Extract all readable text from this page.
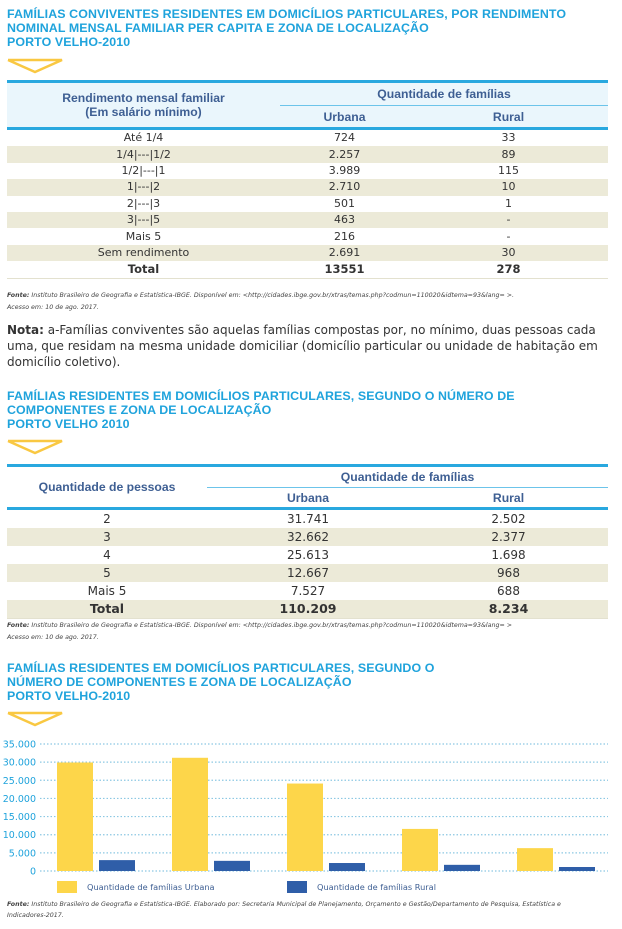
FAMÍLIAS CONVIVENTES RESIDENTES EM DOMICÍLIOS PARTICULARES, POR RENDIMENTO
NOMINAL MENSAL FAMILIAR PER CAPITA E ZONA DE LOCALIZAÇÃO
PORTO VELHO-2010
Rendimento mensal familiar
(Em salário mínimo)	Quantidade de famílias	
	Urbana	Rural
Até 1/4	724	33
1/4|---|1/2	2.257	89
1/2|---|1	3.989	115
1|---|2	2.710	10
2|---|3	501	1
3|---|5	463	-
Mais 5	216	-
Sem rendimento	2.691	30
Total	13551	278
Fonte: Instituto Brasileiro de Geografia e Estatística-IBGE. Disponível em: <http://cidades.ibge.gov.br/xtras/temas.php?codmun=110020&idtema=93&lang= >.
Acesso em: 10 de ago. 2017.

Nota: a-Famílias conviventes são aquelas famílias compostas por, no mínimo, duas pessoas cada uma, que residam na mesma unidade domiciliar (domicílio particular ou unidade de habitação em domicílio coletivo).

FAMÍLIAS RESIDENTES EM DOMICÍLIOS PARTICULARES, SEGUNDO O NÚMERO DE
COMPONENTES E ZONA DE LOCALIZAÇÃO
PORTO VELHO 2010
Quantidade de pessoas	Quantidade de famílias	
	Urbana	Rural
2	31.741	2.502
3	32.662	2.377
4	25.613	1.698
5	12.667	968
Mais 5	7.527	688
Total	110.209	8.234
Fonte: Instituto Brasileiro de Geografia e Estatística-IBGE. Disponível em: <http://cidades.ibge.gov.br/xtras/temas.php?codmun=110020&idtema=93&lang= >
Acesso em: 10 de ago. 2017.
FAMÍLIAS RESIDENTES EM DOMICÍLIOS PARTICULARES, SEGUNDO O
NÚMERO DE COMPONENTES E ZONA DE LOCALIZAÇÃO
PORTO VELHO-2010
0
5.000
10.000
15.000
20.000
25.000
30.000
35.000
Quantidade de famílias Urbana	Quantidade de famílias Rural
Fonte: Instituto Brasileiro de Geografia e Estatística-IBGE. Elaborado por: Secretaria Municipal de Planejamento, Orçamento e Gestão/Departamento de Pesquisa, Estatística e
Indicadores-2017.
